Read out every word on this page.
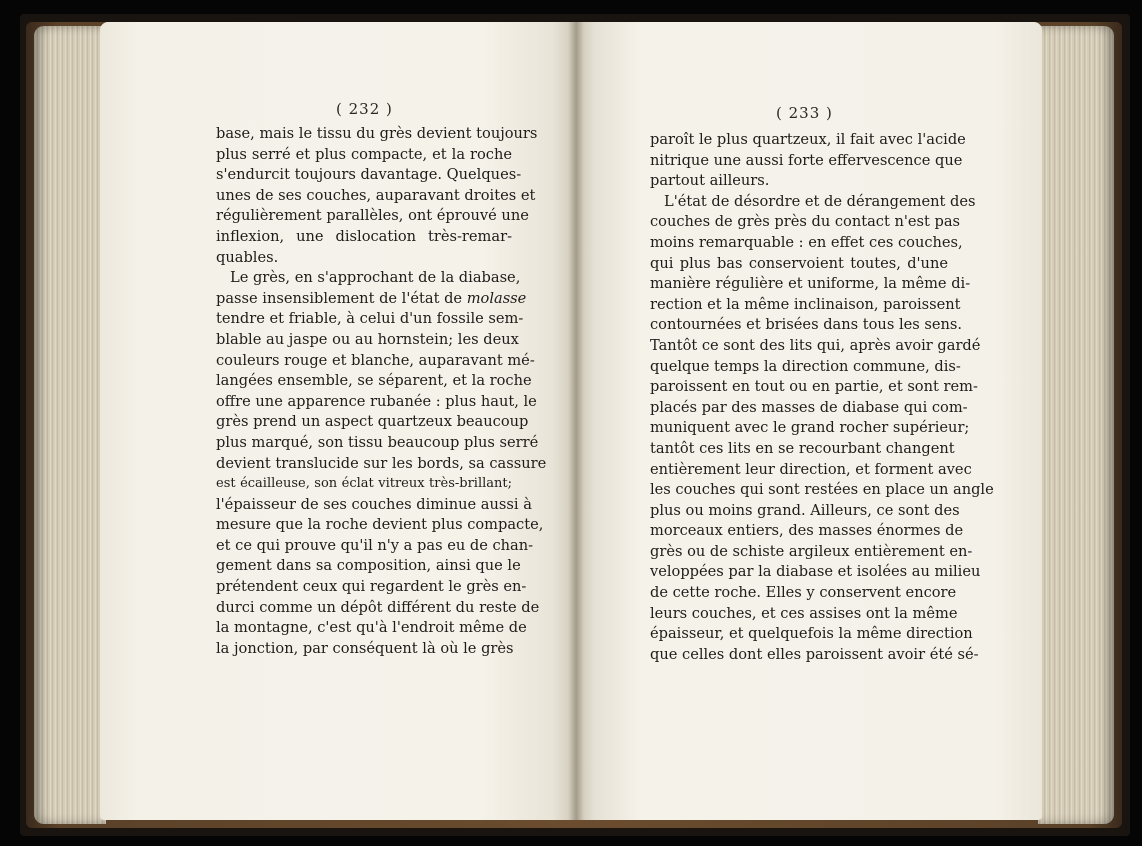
( 232 )	( 233 )
base, mais le tissu du grès devient toujours
plus serré et plus compacte, et la roche
s'endurcit toujours davantage. Quelques-
unes de ses couches, auparavant droites et
régulièrement parallèles, ont éprouvé une
inflexion, une dislocation très-remar-
quables.
Le grès, en s'approchant de la diabase,
passe insensiblement de l'état de molasse
tendre et friable, à celui d'un fossile sem-
blable au jaspe ou au hornstein; les deux
couleurs rouge et blanche, auparavant mé-
langées ensemble, se séparent, et la roche
offre une apparence rubanée : plus haut, le
grès prend un aspect quartzeux beaucoup
plus marqué, son tissu beaucoup plus serré
devient translucide sur les bords, sa cassure
est écailleuse, son éclat vitreux très-brillant;
l'épaisseur de ses couches diminue aussi à
mesure que la roche devient plus compacte,
et ce qui prouve qu'il n'y a pas eu de chan-
gement dans sa composition, ainsi que le
prétendent ceux qui regardent le grès en-
durci comme un dépôt différent du reste de
la montagne, c'est qu'à l'endroit même de
la jonction, par conséquent là où le grès
paroît le plus quartzeux, il fait avec l'acide
nitrique une aussi forte effervescence que
partout ailleurs.
L'état de désordre et de dérangement des
couches de grès près du contact n'est pas
moins remarquable : en effet ces couches,
qui plus bas conservoient toutes, d'une
manière régulière et uniforme, la même di-
rection et la même inclinaison, paroissent
contournées et brisées dans tous les sens.
Tantôt ce sont des lits qui, après avoir gardé
quelque temps la direction commune, dis-
paroissent en tout ou en partie, et sont rem-
placés par des masses de diabase qui com-
muniquent avec le grand rocher supérieur;
tantôt ces lits en se recourbant changent
entièrement leur direction, et forment avec
les couches qui sont restées en place un angle
plus ou moins grand. Ailleurs, ce sont des
morceaux entiers, des masses énormes de
grès ou de schiste argileux entièrement en-
veloppées par la diabase et isolées au milieu
de cette roche. Elles y conservent encore
leurs couches, et ces assises ont la même
épaisseur, et quelquefois la même direction
que celles dont elles paroissent avoir été sé-
